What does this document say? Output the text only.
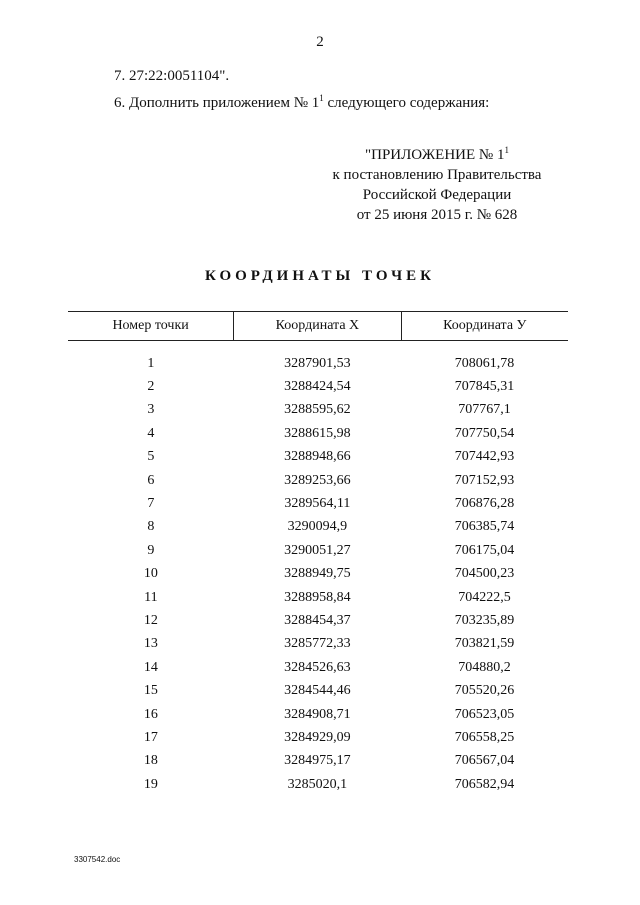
2
7. 27:22:0051104".
6. Дополнить приложением № $1^1$ следующего содержания:
"ПРИЛОЖЕНИЕ № $1^1$
к постановлению Правительства
Российской Федерации
от 25 июня 2015 г. № 628
КООРДИНАТЫ ТОЧЕК
Номер точки	Координата X	Координата У

1	3287901,53	708061,78
2	3288424,54	707845,31
3	3288595,62	707767,1
4	3288615,98	707750,54
5	3288948,66	707442,93
6	3289253,66	707152,93
7	3289564,11	706876,28
8	3290094,9	706385,74
9	3290051,27	706175,04
10	3288949,75	704500,23
11	3288958,84	704222,5
12	3288454,37	703235,89
13	3285772,33	703821,59
14	3284526,63	704880,2
15	3284544,46	705520,26
16	3284908,71	706523,05
17	3284929,09	706558,25
18	3284975,17	706567,04
19	3285020,1	706582,94
3307542.doc
